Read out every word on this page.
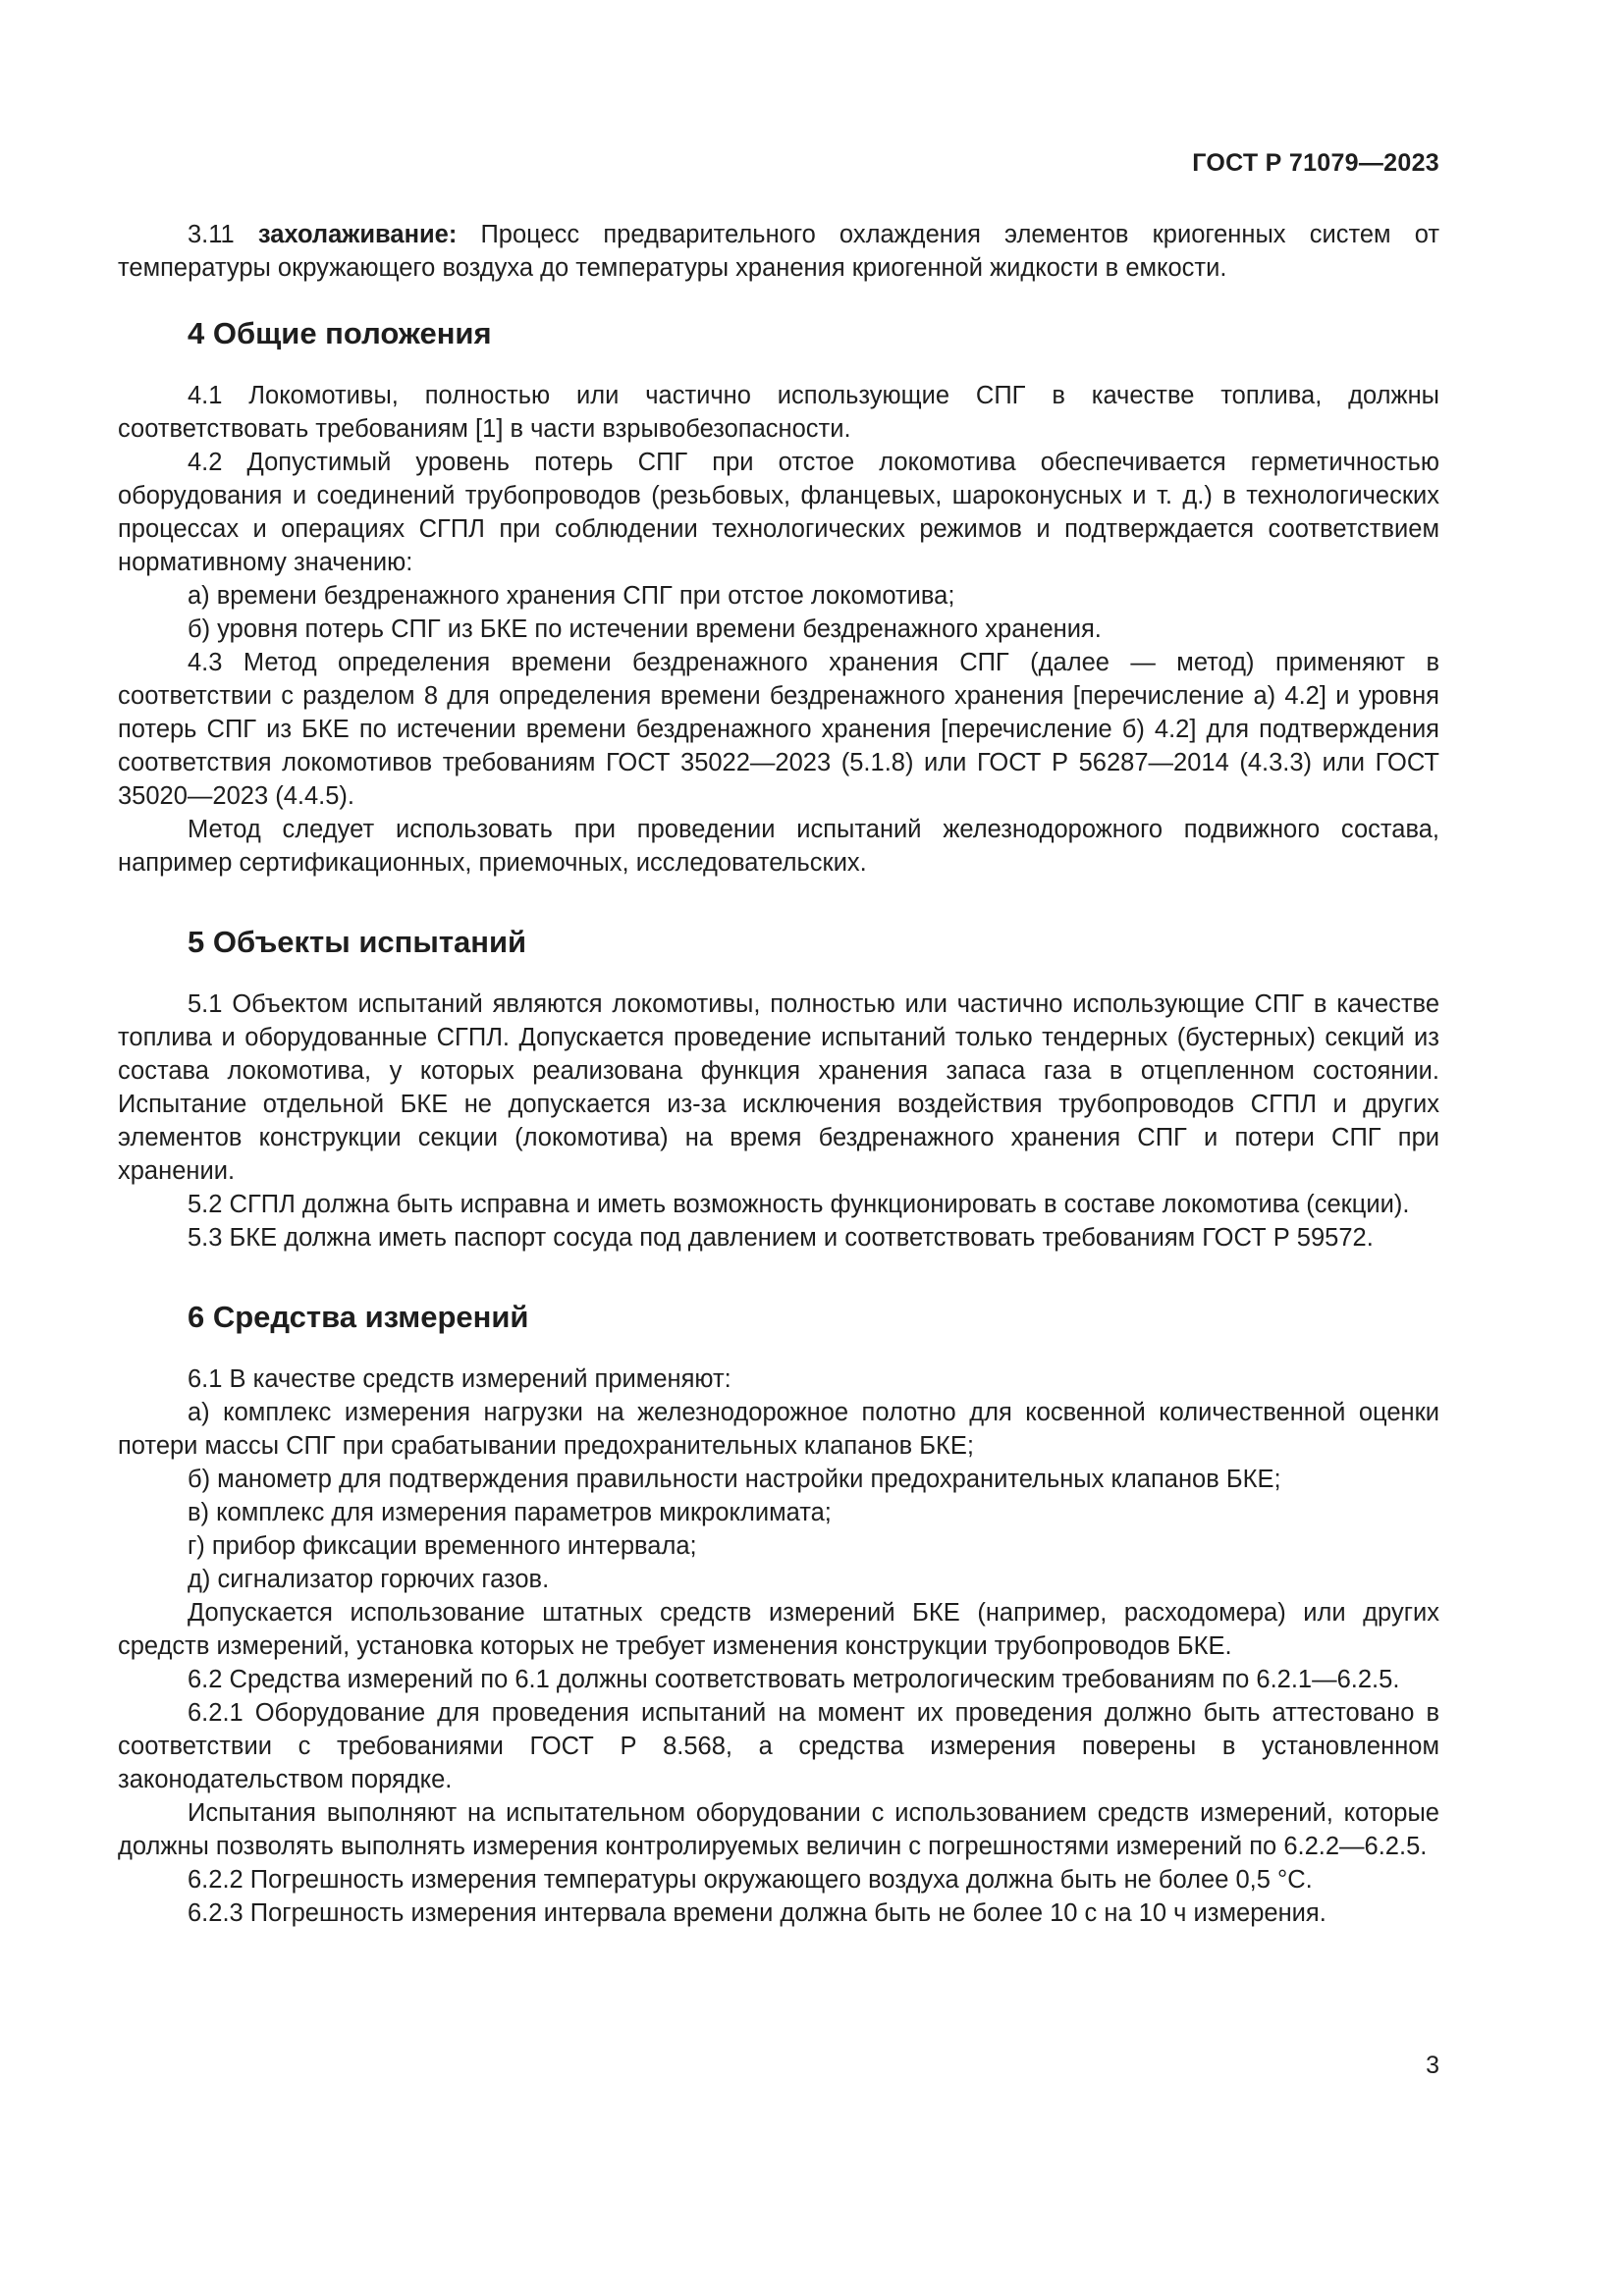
ГОСТ Р 71079—2023

3.11 захолаживание: Процесс предварительного охлаждения элементов криогенных систем от температуры окружающего воздуха до температуры хранения криогенной жидкости в емкости.

4 Общие положения

4.1 Локомотивы, полностью или частично использующие СПГ в качестве топлива, должны соответствовать требованиям [1] в части взрывобезопасности.

4.2 Допустимый уровень потерь СПГ при отстое локомотива обеспечивается герметичностью оборудования и соединений трубопроводов (резьбовых, фланцевых, шароконусных и т. д.) в технологических процессах и операциях СГПЛ при соблюдении технологических режимов и подтверждается соответствием нормативному значению:

а) времени бездренажного хранения СПГ при отстое локомотива;

б) уровня потерь СПГ из БКЕ по истечении времени бездренажного хранения.

4.3 Метод определения времени бездренажного хранения СПГ (далее — метод) применяют в соответствии с разделом 8 для определения времени бездренажного хранения [перечисление а) 4.2] и уровня потерь СПГ из БКЕ по истечении времени бездренажного хранения [перечисление б) 4.2] для подтверждения соответствия локомотивов требованиям ГОСТ 35022—2023 (5.1.8) или ГОСТ Р 56287—2014 (4.3.3) или ГОСТ 35020—2023 (4.4.5).

Метод следует использовать при проведении испытаний железнодорожного подвижного состава, например сертификационных, приемочных, исследовательских.

5 Объекты испытаний

5.1 Объектом испытаний являются локомотивы, полностью или частично использующие СПГ в качестве топлива и оборудованные СГПЛ. Допускается проведение испытаний только тендерных (бустерных) секций из состава локомотива, у которых реализована функция хранения запаса газа в отцепленном состоянии. Испытание отдельной БКЕ не допускается из-за исключения воздействия трубопроводов СГПЛ и других элементов конструкции секции (локомотива) на время бездренажного хранения СПГ и потери СПГ при хранении.

5.2 СГПЛ должна быть исправна и иметь возможность функционировать в составе локомотива (секции).

5.3 БКЕ должна иметь паспорт сосуда под давлением и соответствовать требованиям ГОСТ Р 59572.

6 Средства измерений

6.1 В качестве средств измерений применяют:

а) комплекс измерения нагрузки на железнодорожное полотно для косвенной количественной оценки потери массы СПГ при срабатывании предохранительных клапанов БКЕ;

б) манометр для подтверждения правильности настройки предохранительных клапанов БКЕ;

в) комплекс для измерения параметров микроклимата;

г) прибор фиксации временного интервала;

д) сигнализатор горючих газов.

Допускается использование штатных средств измерений БКЕ (например, расходомера) или других средств измерений, установка которых не требует изменения конструкции трубопроводов БКЕ.

6.2 Средства измерений по 6.1 должны соответствовать метрологическим требованиям по 6.2.1—6.2.5.

6.2.1 Оборудование для проведения испытаний на момент их проведения должно быть аттестовано в соответствии с требованиями ГОСТ Р 8.568, а средства измерения поверены в установленном законодательством порядке.

Испытания выполняют на испытательном оборудовании с использованием средств измерений, которые должны позволять выполнять измерения контролируемых величин с погрешностями измерений по 6.2.2—6.2.5.

6.2.2 Погрешность измерения температуры окружающего воздуха должна быть не более 0,5 °С.

6.2.3 Погрешность измерения интервала времени должна быть не более 10 с на 10 ч измерения.

3
